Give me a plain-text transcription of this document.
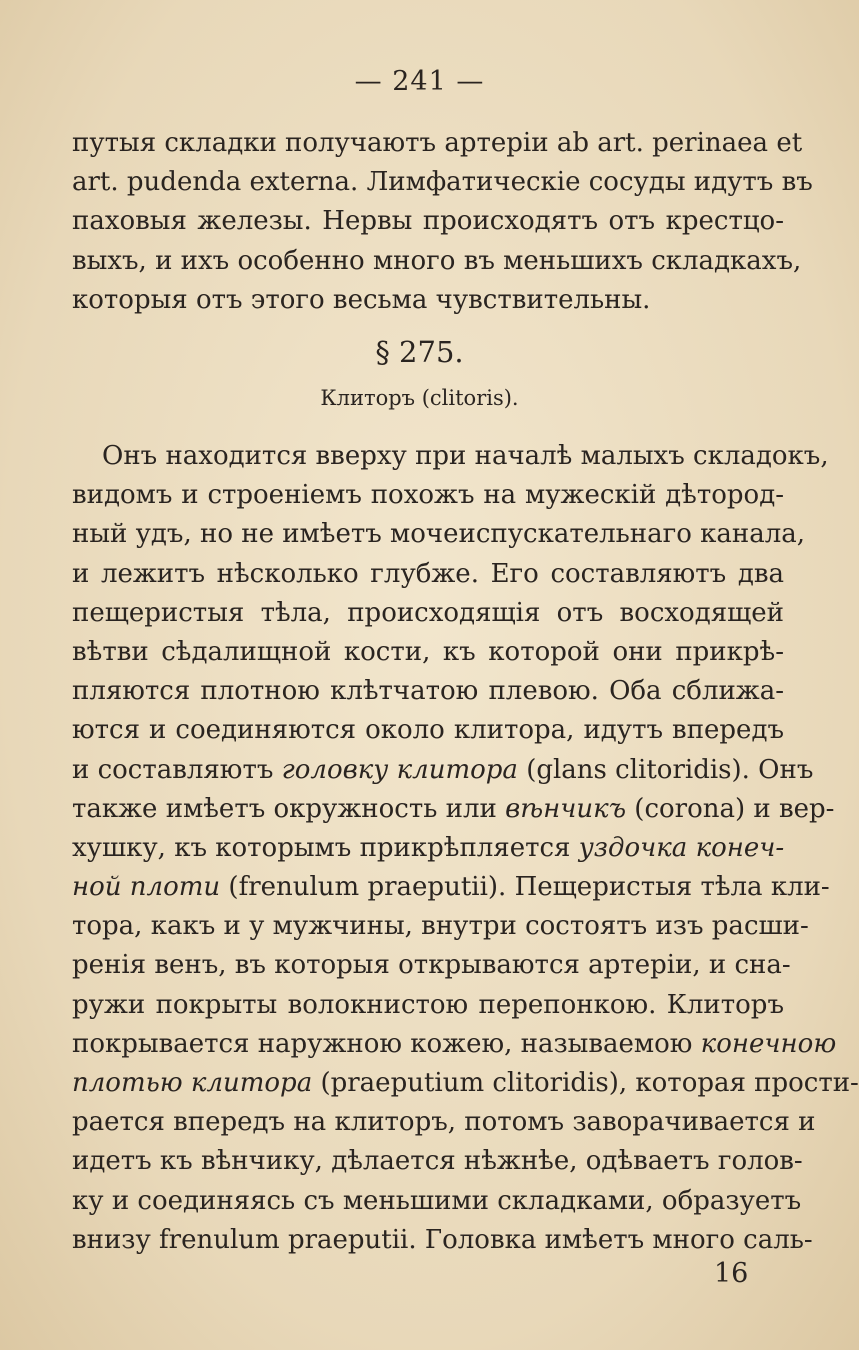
— 241 —
путыя складки получаютъ артеріи ab art. perinaea et
art. pudenda externa. Лимфатическіе сосуды идутъ въ
паховыя железы. Нервы происходятъ отъ крестцо-
выхъ, и ихъ особенно много въ меньшихъ складкахъ,
которыя отъ этого весьма чувствительны.
§ 275.
Клиторъ (clitoris).
Онъ находится вверху при началѣ малыхъ складокъ,
видомъ и строеніемъ похожъ на мужескій дѣтород-
ный удъ, но не имѣетъ мочеиспускательнаго канала,
и лежитъ нѣсколько глубже. Его составляютъ два
пещеристыя тѣла, происходящія отъ восходящей
вѣтви сѣдалищной кости, къ которой они прикрѣ-
пляются плотною клѣтчатою плевою. Оба сближа-
ются и соединяются около клитора, идутъ впередъ
и составляютъ головку клитора (glans clitoridis). Онъ
также имѣетъ окружность или вѣнчикъ (corona) и вер-
хушку, къ которымъ прикрѣпляется уздочка конеч-
ной плоти (frenulum praeputii). Пещеристыя тѣла кли-
тора, какъ и у мужчины, внутри состоятъ изъ расши-
ренія венъ, въ которыя открываются артеріи, и сна-
ружи покрыты волокнистою перепонкою. Клиторъ
покрывается наружною кожею, называемою конечною
плотью клитора (praeputium clitoridis), которая прости-
рается впередъ на клиторъ, потомъ заворачивается и
идетъ къ вѣнчику, дѣлается нѣжнѣе, одѣваетъ голов-
ку и соединяясь съ меньшими складками, образуетъ
внизу frenulum praeputii. Головка имѣетъ много саль-
16
